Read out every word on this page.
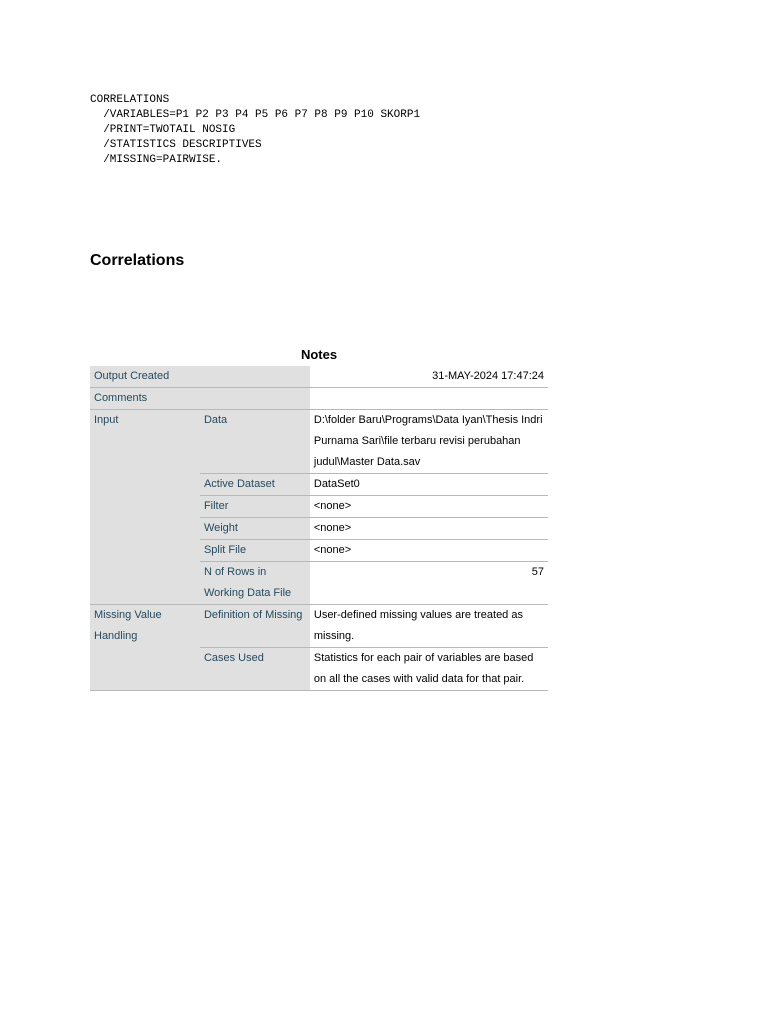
CORRELATIONS
/VARIABLES=P1 P2 P3 P4 P5 P6 P7 P8 P9 P10 SKORP1
/PRINT=TWOTAIL NOSIG
/STATISTICS DESCRIPTIVES
/MISSING=PAIRWISE.
Correlations
Notes
Output Created		31-MAY-2024 17:47:24
Comments		
Input	Data	D:\folder Baru\Programs\Data Iyan\Thesis Indri Purnama Sari\file terbaru revisi perubahan judul\Master Data.sav
	Active Dataset	DataSet0
	Filter	<none>
	Weight	<none>
	Split File	<none>
	N of Rows in Working Data File	57
Missing Value Handling	Definition of Missing	User-defined missing values are treated as missing.
	Cases Used	Statistics for each pair of variables are based on all the cases with valid data for that pair.
